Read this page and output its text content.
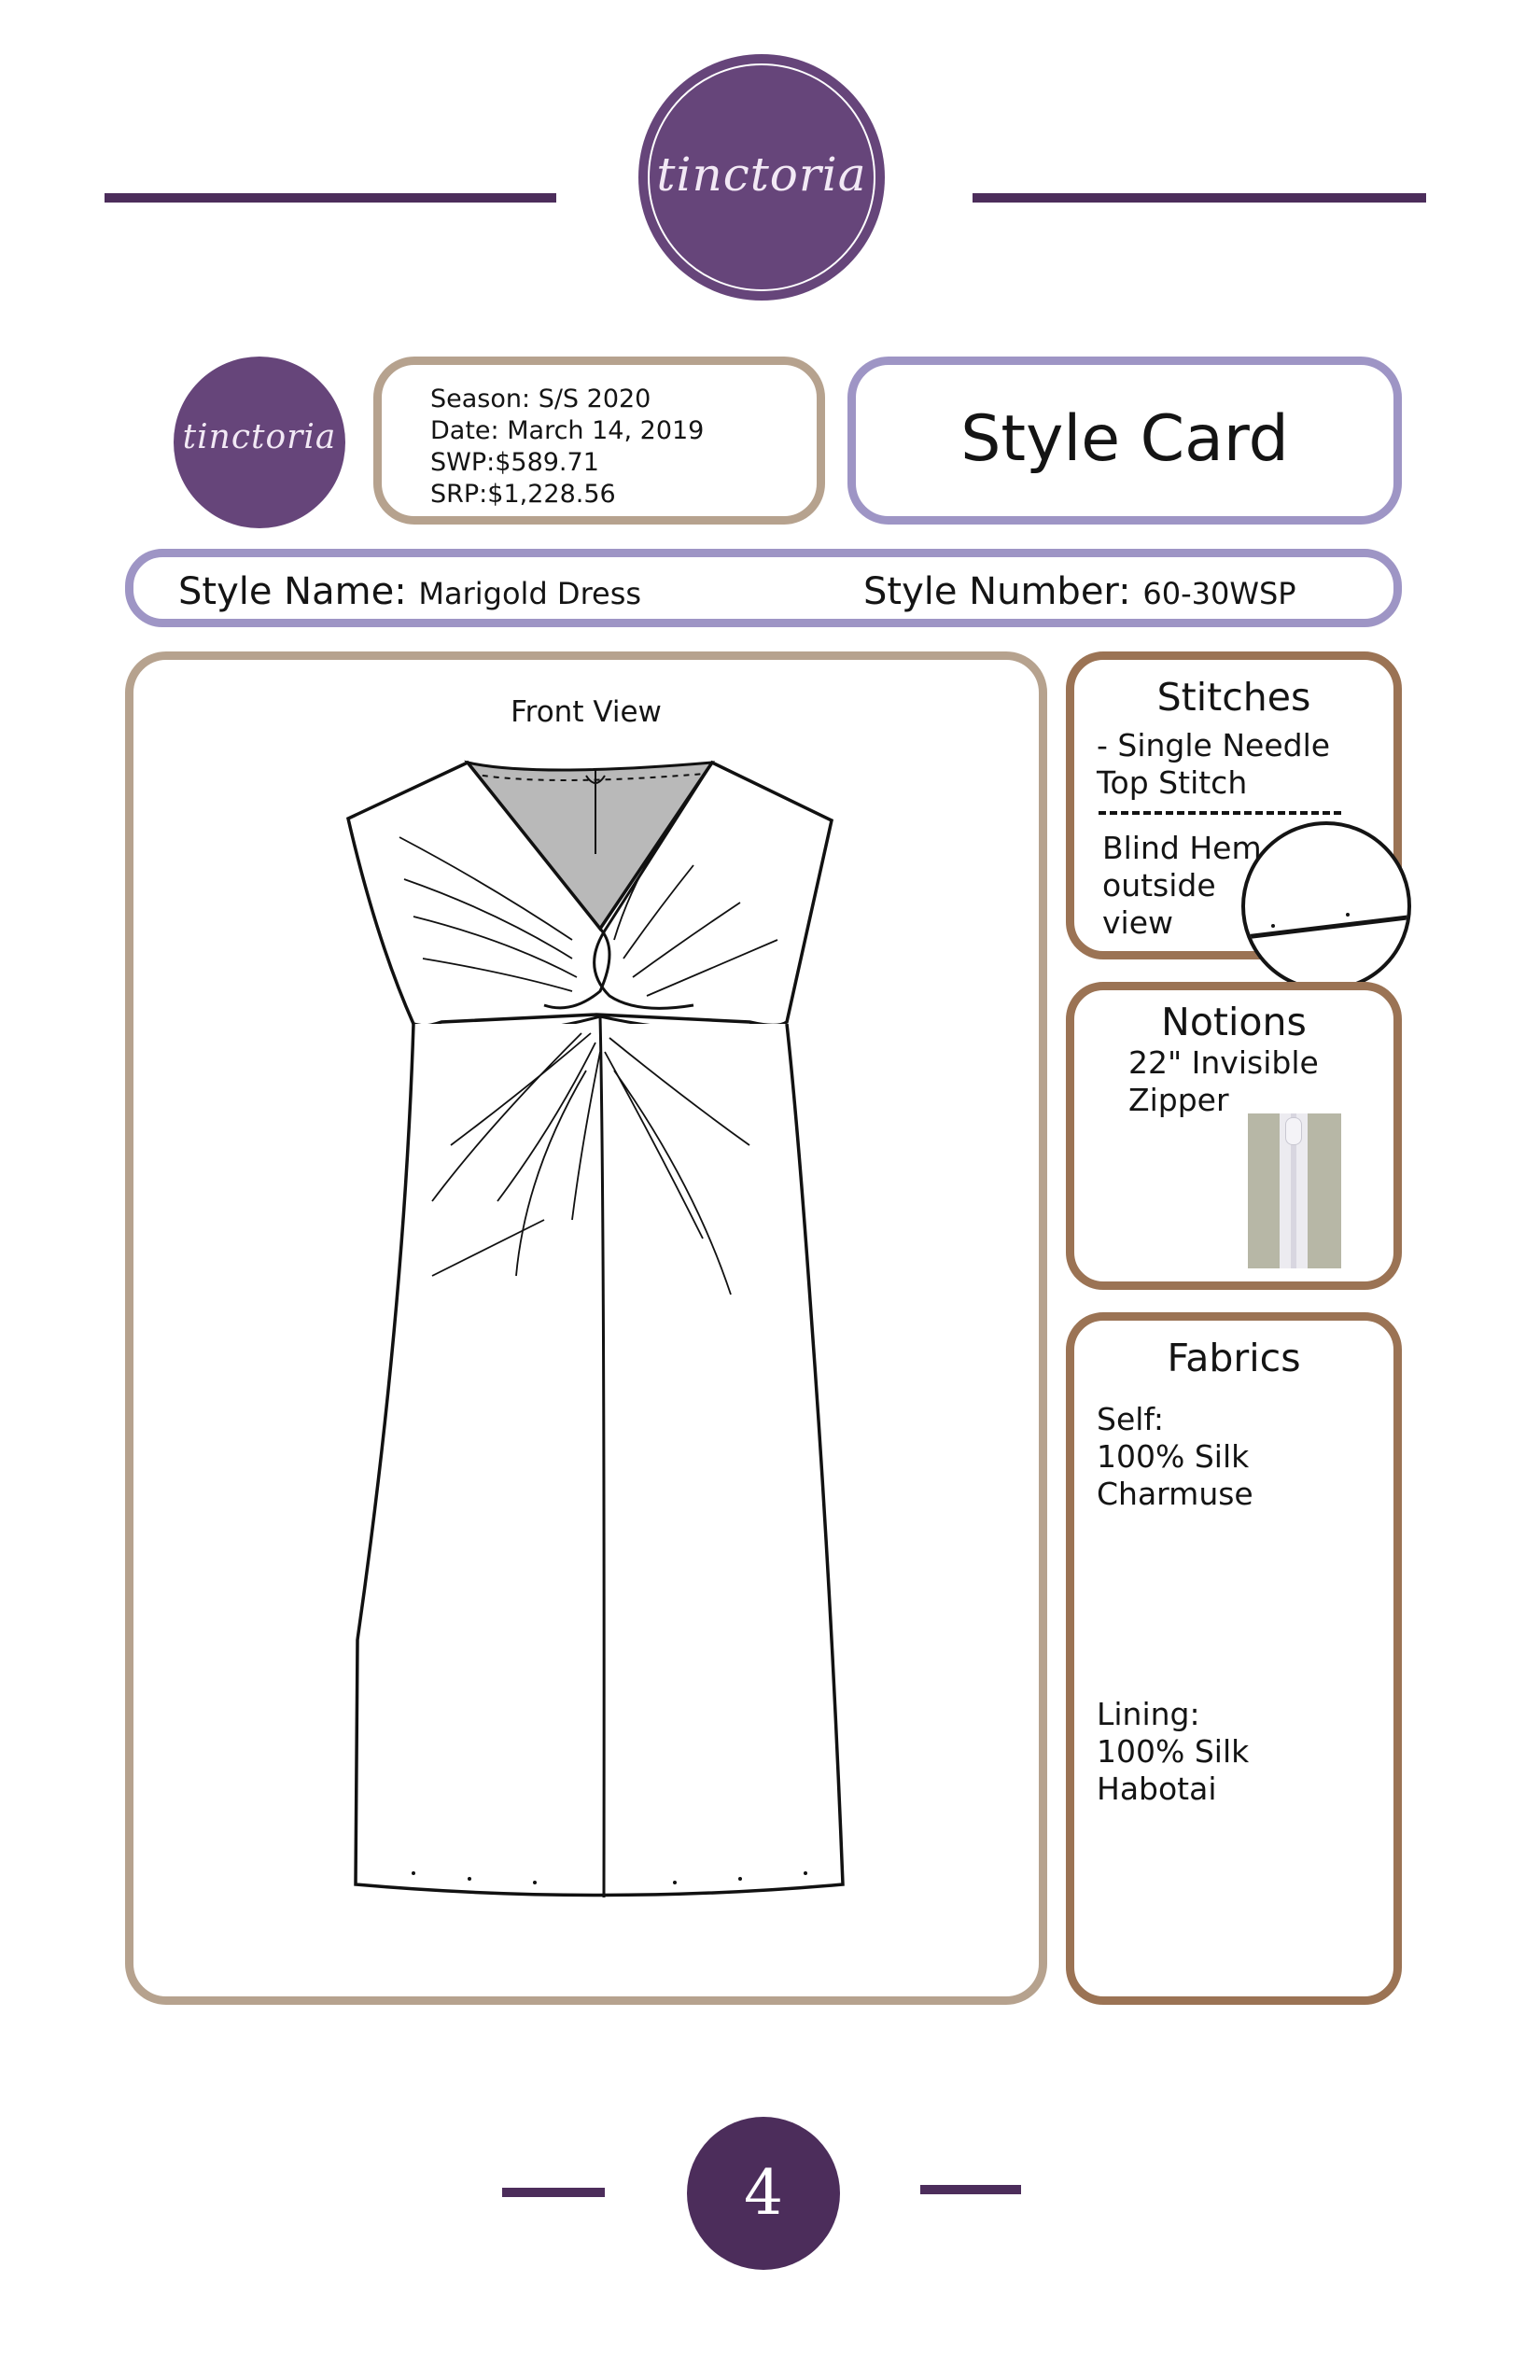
tinctoria
tinctoria
Season: S/S 2020
Date: March 14, 2019
SWP:$589.71
SRP:$1,228.56
Style Card
Style Name: Marigold Dress	Style Number: 60-30WSP
Front View	Stitches
- Single Needle
Top Stitch
Blind Hem
outside
view
Notions
22" Invisible
Zipper
Fabrics
Self:
100% Silk
Charmuse
Lining:
100% Silk
Habotai
4
